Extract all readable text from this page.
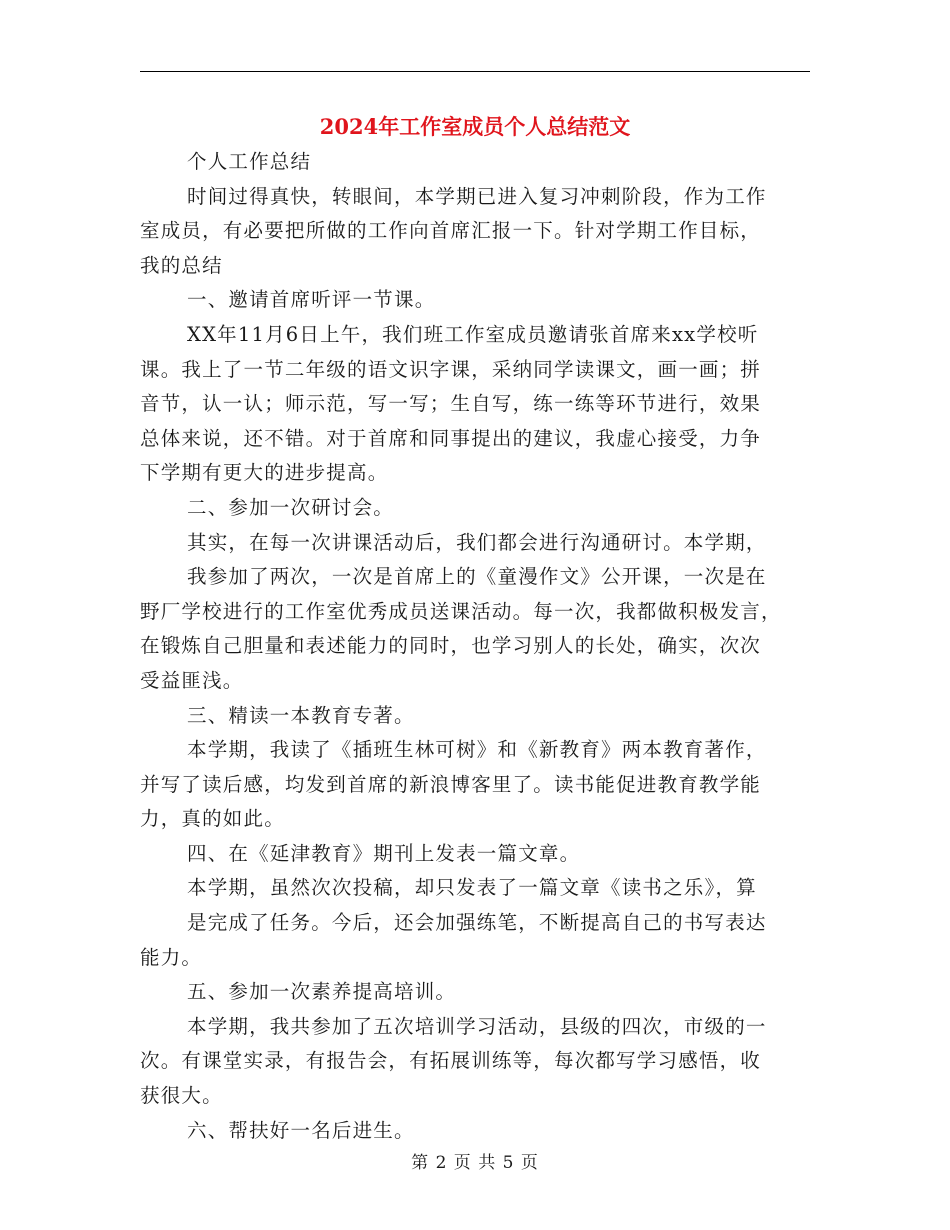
2024年工作室成员个人总结范文

个人工作总结

时间过得真快，转眼间，本学期已进入复习冲刺阶段，作为工作

室成员，有必要把所做的工作向首席汇报一下。针对学期工作目标，

我的总结

一、邀请首席听评一节课。

XX年11月6日上午，我们班工作室成员邀请张首席来xx学校听

课。我上了一节二年级的语文识字课，采纳同学读课文，画一画；拼

音节，认一认；师示范，写一写；生自写，练一练等环节进行，效果

总体来说，还不错。对于首席和同事提出的建议，我虚心接受，力争

下学期有更大的进步提高。

二、参加一次研讨会。

其实，在每一次讲课活动后，我们都会进行沟通研讨。本学期，

我参加了两次，一次是首席上的《童漫作文》公开课，一次是在

野厂学校进行的工作室优秀成员送课活动。每一次，我都做积极发言，

在锻炼自己胆量和表述能力的同时，也学习别人的长处，确实，次次

受益匪浅。

三、精读一本教育专著。

本学期，我读了《插班生林可树》和《新教育》两本教育著作，

并写了读后感，均发到首席的新浪博客里了。读书能促进教育教学能

力，真的如此。

四、在《延津教育》期刊上发表一篇文章。

本学期，虽然次次投稿，却只发表了一篇文章《读书之乐》，算

是完成了任务。今后，还会加强练笔，不断提高自己的书写表达

能力。

五、参加一次素养提高培训。

本学期，我共参加了五次培训学习活动，县级的四次，市级的一

次。有课堂实录，有报告会，有拓展训练等，每次都写学习感悟，收

获很大。

六、帮扶好一名后进生。

第 2 页 共 5 页
